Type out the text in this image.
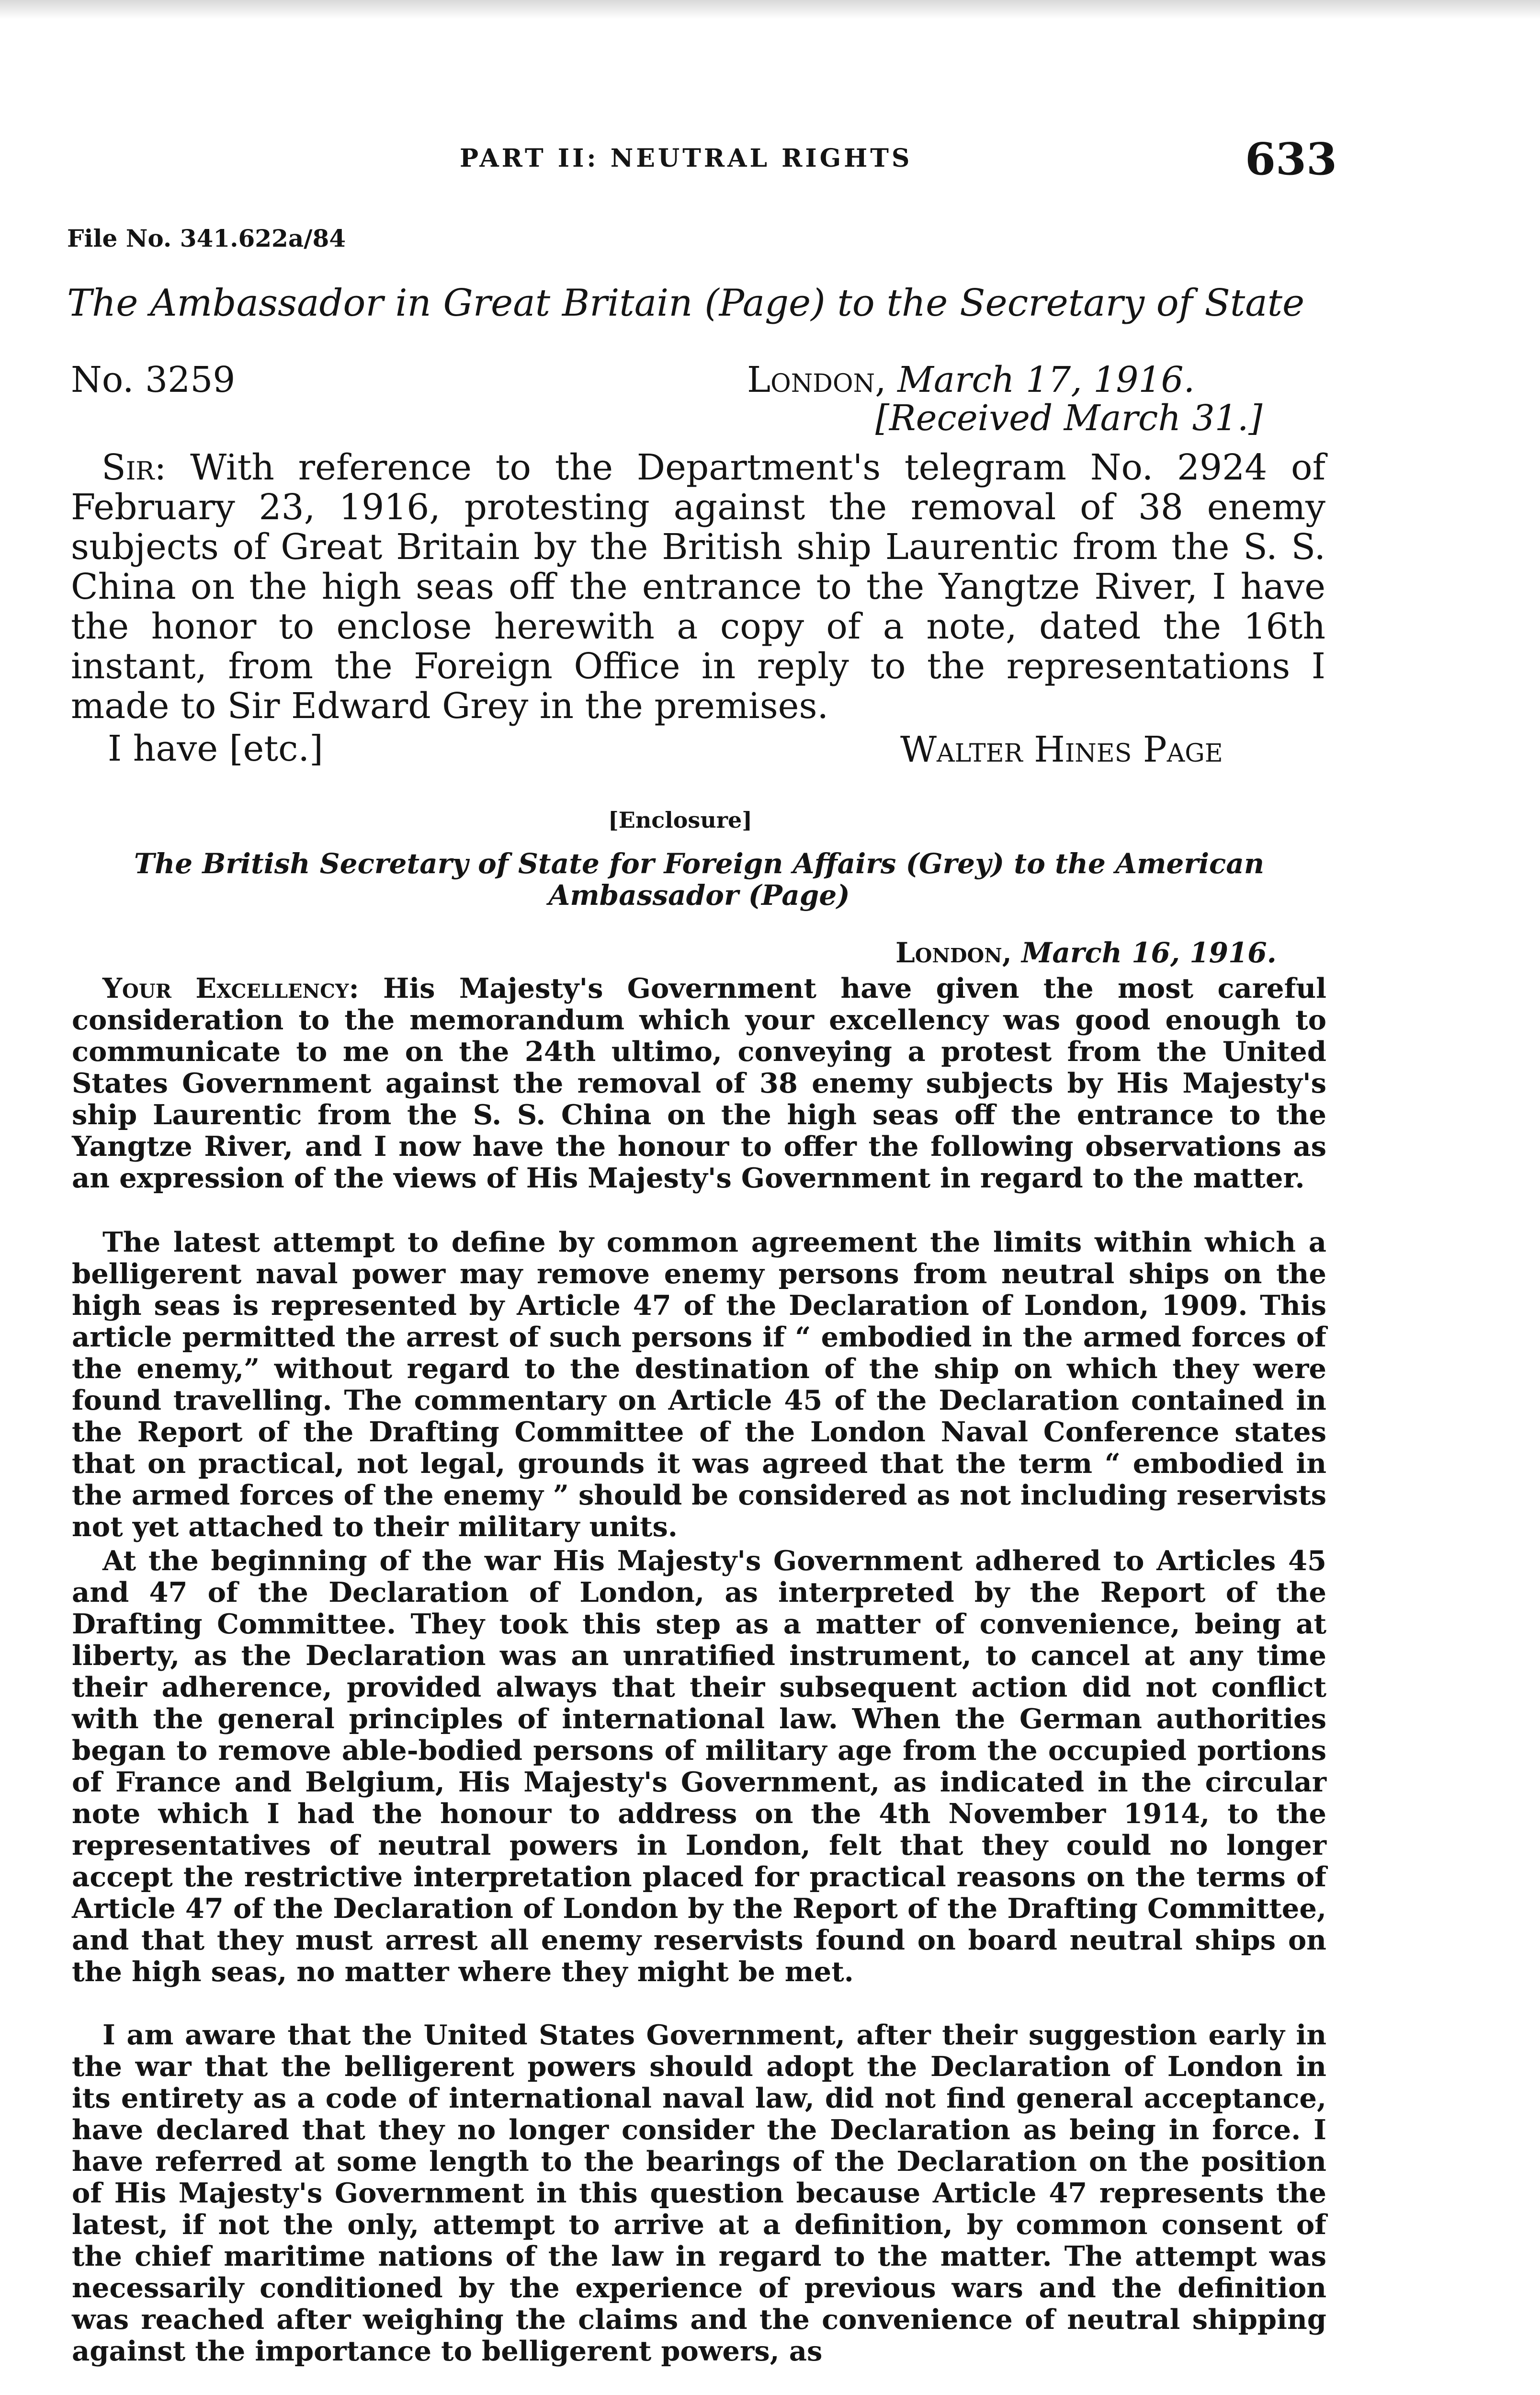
PART II: NEUTRAL RIGHTS	633
File No. 341.622a/84
The Ambassador in Great Britain (Page) to the Secretary of State
No. 3259	London, March 17, 1916.
[Received March 31.]

Sir: With reference to the Department's telegram No. 2924 of February 23, 1916, protesting against the removal of 38 enemy subjects of Great Britain by the British ship Laurentic from the S. S. China on the high seas off the entrance to the Yangtze River, I have the honor to enclose herewith a copy of a note, dated the 16th instant, from the Foreign Office in reply to the representations I made to Sir Edward Grey in the premises.

I have [etc.]	Walter Hines Page
[Enclosure]

The British Secretary of State for Foreign Affairs (Grey) to the American Ambassador (Page)

London, March 16, 1916.

Your Excellency: His Majesty's Government have given the most careful consideration to the memorandum which your excellency was good enough to communicate to me on the 24th ultimo, conveying a protest from the United States Government against the removal of 38 enemy subjects by His Majesty's ship Laurentic from the S. S. China on the high seas off the entrance to the Yangtze River, and I now have the honour to offer the following observations as an expression of the views of His Majesty's Government in regard to the matter.

The latest attempt to define by common agreement the limits within which a belligerent naval power may remove enemy persons from neutral ships on the high seas is represented by Article 47 of the Declaration of London, 1909. This article permitted the arrest of such persons if “ embodied in the armed forces of the enemy,” without regard to the destination of the ship on which they were found travelling. The commentary on Article 45 of the Declaration contained in the Report of the Drafting Committee of the London Naval Conference states that on practical, not legal, grounds it was agreed that the term “ embodied in the armed forces of the enemy ” should be considered as not including reservists not yet attached to their military units.

At the beginning of the war His Majesty's Government adhered to Articles 45 and 47 of the Declaration of London, as interpreted by the Report of the Drafting Committee. They took this step as a matter of convenience, being at liberty, as the Declaration was an unratified instrument, to cancel at any time their adherence, provided always that their subsequent action did not conflict with the general principles of international law. When the German authorities began to remove able-bodied persons of military age from the occupied portions of France and Belgium, His Majesty's Government, as indicated in the circular note which I had the honour to address on the 4th November 1914, to the representatives of neutral powers in London, felt that they could no longer accept the restrictive interpretation placed for practical reasons on the terms of Article 47 of the Declaration of London by the Report of the Drafting Committee, and that they must arrest all enemy reservists found on board neutral ships on the high seas, no matter where they might be met.

I am aware that the United States Government, after their suggestion early in the war that the belligerent powers should adopt the Declaration of London in its entirety as a code of international naval law, did not find general acceptance, have declared that they no longer consider the Declaration as being in force. I have referred at some length to the bearings of the Declaration on the position of His Majesty's Government in this question because Article 47 represents the latest, if not the only, attempt to arrive at a definition, by common consent of the chief maritime nations of the law in regard to the matter. The attempt was necessarily conditioned by the experience of previous wars and the definition was reached after weighing the claims and the convenience of neutral shipping against the importance to belligerent powers, as
